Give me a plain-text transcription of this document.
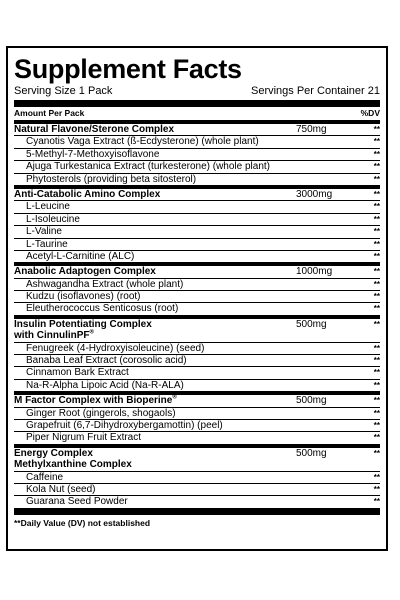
Supplement Facts
Serving Size 1 Pack	Servings Per Container 21
Amount Per Pack	%DV
Natural Flavone/Sterone Complex	750mg	**
Cyanotis Vaga Extract (ß-Ecdysterone) (whole plant)	**
5-Methyl-7-Methoxyisoflavone	**
Ajuga Turkestanica Extract (turkesterone) (whole plant)	**
Phytosterols (providing beta sitosterol)	**
Anti-Catabolic Amino Complex	3000mg	**
L-Leucine	**
L-Isoleucine	**
L-Valine	**
L-Taurine	**
Acetyl-L-Carnitine (ALC)	**
Anabolic Adaptogen Complex	1000mg	**
Ashwagandha Extract (whole plant)	**
Kudzu (isoflavones) (root)	**
Eleutherococcus Senticosus (root)	**
Insulin Potentiating Complex
with CinnulinPF®
500mg	**
Fenugreek (4-Hydroxyisoleucine) (seed)	**
Banaba Leaf Extract (corosolic acid)	**
Cinnamon Bark Extract	**
Na-R-Alpha Lipoic Acid (Na-R-ALA)	**
M Factor Complex with Bioperine®	500mg	**
Ginger Root (gingerols, shogaols)	**
Grapefruit (6,7-Dihydroxybergamottin) (peel)	**
Piper Nigrum Fruit Extract	**
Energy Complex
Methylxanthine Complex
500mg	**
Caffeine	**
Kola Nut (seed)	**
Guarana Seed Powder	**
**Daily Value (DV) not established
